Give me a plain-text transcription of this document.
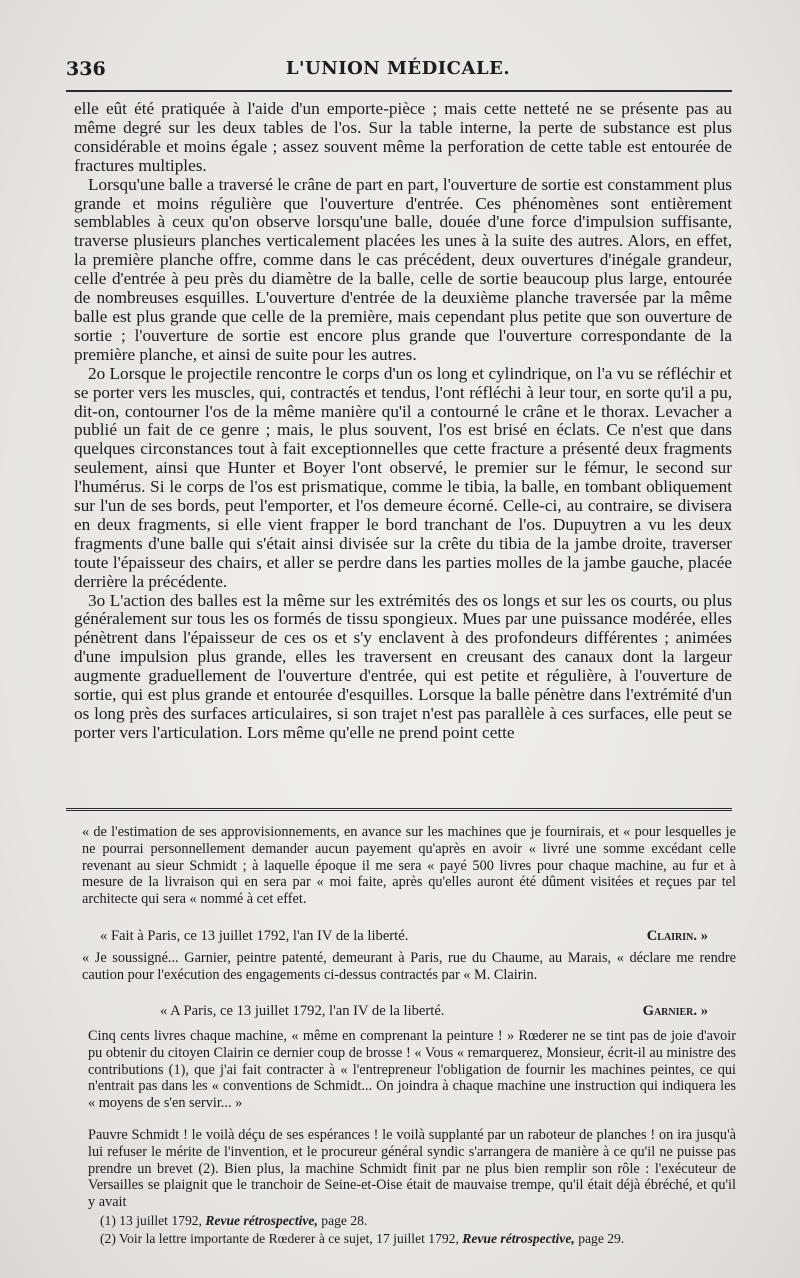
336	L'UNION MÉDICALE.

elle eût été pratiquée à l'aide d'un emporte-pièce ; mais cette netteté ne se présente pas au même degré sur les deux tables de l'os. Sur la table interne, la perte de substance est plus considérable et moins égale ; assez souvent même la perforation de cette table est entourée de fractures multiples.

Lorsqu'une balle a traversé le crâne de part en part, l'ouverture de sortie est constamment plus grande et moins régulière que l'ouverture d'entrée. Ces phénomènes sont entièrement semblables à ceux qu'on observe lorsqu'une balle, douée d'une force d'impulsion suffisante, traverse plusieurs planches verticalement placées les unes à la suite des autres. Alors, en effet, la première planche offre, comme dans le cas précédent, deux ouvertures d'inégale grandeur, celle d'entrée à peu près du diamètre de la balle, celle de sortie beaucoup plus large, entourée de nombreuses esquilles. L'ouverture d'entrée de la deuxième planche traversée par la même balle est plus grande que celle de la première, mais cependant plus petite que son ouverture de sortie ; l'ouverture de sortie est encore plus grande que l'ouverture correspondante de la première planche, et ainsi de suite pour les autres.

2o Lorsque le projectile rencontre le corps d'un os long et cylindrique, on l'a vu se réfléchir et se porter vers les muscles, qui, contractés et tendus, l'ont réfléchi à leur tour, en sorte qu'il a pu, dit-on, contourner l'os de la même manière qu'il a contourné le crâne et le thorax. Levacher a publié un fait de ce genre ; mais, le plus souvent, l'os est brisé en éclats. Ce n'est que dans quelques circonstances tout à fait exceptionnelles que cette fracture a présenté deux fragments seulement, ainsi que Hunter et Boyer l'ont observé, le premier sur le fémur, le second sur l'humérus. Si le corps de l'os est prismatique, comme le tibia, la balle, en tombant obliquement sur l'un de ses bords, peut l'emporter, et l'os demeure écorné. Celle-ci, au contraire, se divisera en deux fragments, si elle vient frapper le bord tranchant de l'os. Dupuytren a vu les deux fragments d'une balle qui s'était ainsi divisée sur la crête du tibia de la jambe droite, traverser toute l'épaisseur des chairs, et aller se perdre dans les parties molles de la jambe gauche, placée derrière la précédente.

3o L'action des balles est la même sur les extrémités des os longs et sur les os courts, ou plus généralement sur tous les os formés de tissu spongieux. Mues par une puissance modérée, elles pénètrent dans l'épaisseur de ces os et s'y enclavent à des profondeurs différentes ; animées d'une impulsion plus grande, elles les traversent en creusant des canaux dont la largeur augmente graduellement de l'ouverture d'entrée, qui est petite et régulière, à l'ouverture de sortie, qui est plus grande et entourée d'esquilles. Lorsque la balle pénètre dans l'extrémité d'un os long près des surfaces articulaires, si son trajet n'est pas parallèle à ces surfaces, elle peut se porter vers l'articulation. Lors même qu'elle ne prend point cette

« de l'estimation de ses approvisionnements, en avance sur les machines que je fournirais, et « pour lesquelles je ne pourrai personnellement demander aucun payement qu'après en avoir « livré une somme excédant celle revenant au sieur Schmidt ; à laquelle époque il me sera « payé 500 livres pour chaque machine, au fur et à mesure de la livraison qui en sera par « moi faite, après qu'elles auront été dûment visitées et reçues par tel architecte qui sera « nommé à cet effet.

« Fait à Paris, ce 13 juillet 1792, l'an IV de la liberté.	Clairin. »

« Je soussigné... Garnier, peintre patenté, demeurant à Paris, rue du Chaume, au Marais, « déclare me rendre caution pour l'exécution des engagements ci-dessus contractés par « M. Clairin.

« A Paris, ce 13 juillet 1792, l'an IV de la liberté.	Garnier. »

Cinq cents livres chaque machine, « même en comprenant la peinture ! » Rœderer ne se tint pas de joie d'avoir pu obtenir du citoyen Clairin ce dernier coup de brosse ! « Vous « remarquerez, Monsieur, écrit-il au ministre des contributions (1), que j'ai fait contracter à « l'entrepreneur l'obligation de fournir les machines peintes, ce qui n'entrait pas dans les « conventions de Schmidt... On joindra à chaque machine une instruction qui indiquera les « moyens de s'en servir... »

Pauvre Schmidt ! le voilà déçu de ses espérances ! le voilà supplanté par un raboteur de planches ! on ira jusqu'à lui refuser le mérite de l'invention, et le procureur général syndic s'arrangera de manière à ce qu'il ne puisse pas prendre un brevet (2). Bien plus, la machine Schmidt finit par ne plus bien remplir son rôle : l'exécuteur de Versailles se plaignit que le tranchoir de Seine-et-Oise était de mauvaise trempe, qu'il était déjà ébréché, et qu'il y avait

(1) 13 juillet 1792, Revue rétrospective, page 28.
(2) Voir la lettre importante de Rœderer à ce sujet, 17 juillet 1792, Revue rétrospective, page 29.
